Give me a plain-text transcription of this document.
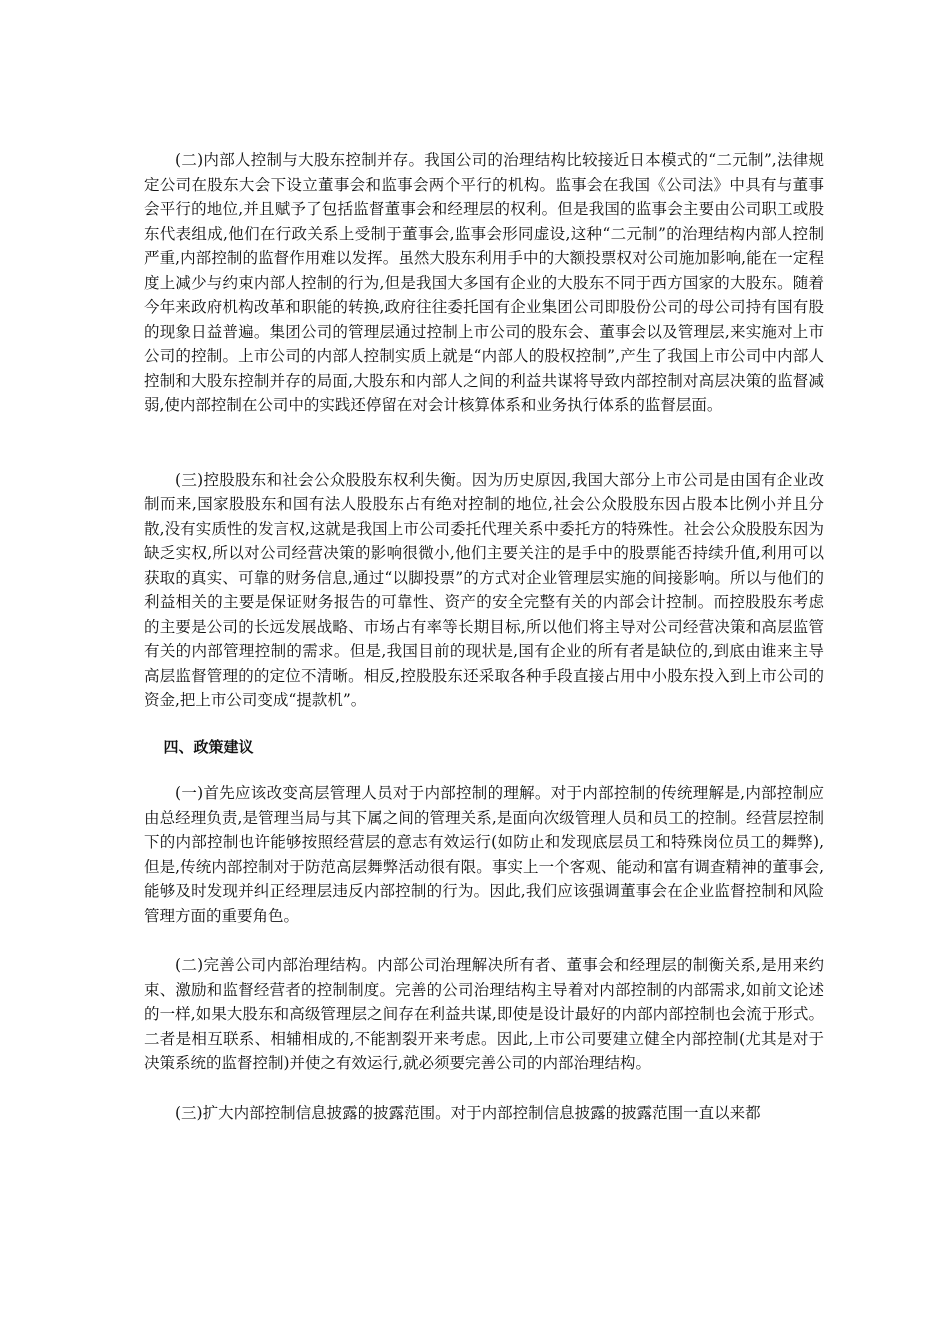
(二)内部人控制与大股东控制并存。我国公司的治理结构比较接近日本模式的“二元制”,法律规定公司在股东大会下设立董事会和监事会两个平行的机构。监事会在我国《公司法》中具有与董事会平行的地位,并且赋予了包括监督董事会和经理层的权利。但是我国的监事会主要由公司职工或股东代表组成,他们在行政关系上受制于董事会,监事会形同虚设,这种“二元制”的治理结构内部人控制严重,内部控制的监督作用难以发挥。虽然大股东利用手中的大额投票权对公司施加影响,能在一定程度上减少与约束内部人控制的行为,但是我国大多国有企业的大股东不同于西方国家的大股东。随着今年来政府机构改革和职能的转换,政府往往委托国有企业集团公司即股份公司的母公司持有国有股的现象日益普遍。集团公司的管理层通过控制上市公司的股东会、董事会以及管理层,来实施对上市公司的控制。上市公司的内部人控制实质上就是“内部人的股权控制”,产生了我国上市公司中内部人控制和大股东控制并存的局面,大股东和内部人之间的利益共谋将导致内部控制对高层决策的监督减弱,使内部控制在公司中的实践还停留在对会计核算体系和业务执行体系的监督层面。

(三)控股股东和社会公众股股东权利失衡。因为历史原因,我国大部分上市公司是由国有企业改制而来,国家股股东和国有法人股股东占有绝对控制的地位,社会公众股股东因占股本比例小并且分散,没有实质性的发言权,这就是我国上市公司委托代理关系中委托方的特殊性。社会公众股股东因为缺乏实权,所以对公司经营决策的影响很微小,他们主要关注的是手中的股票能否持续升值,利用可以获取的真实、可靠的财务信息,通过“以脚投票”的方式对企业管理层实施的间接影响。所以与他们的利益相关的主要是保证财务报告的可靠性、资产的安全完整有关的内部会计控制。而控股股东考虑的主要是公司的长远发展战略、市场占有率等长期目标,所以他们将主导对公司经营决策和高层监管有关的内部管理控制的需求。但是,我国目前的现状是,国有企业的所有者是缺位的,到底由谁来主导高层监督管理的的定位不清晰。相反,控股股东还采取各种手段直接占用中小股东投入到上市公司的资金,把上市公司变成“提款机”。

四、政策建议

(一)首先应该改变高层管理人员对于内部控制的理解。对于内部控制的传统理解是,内部控制应由总经理负责,是管理当局与其下属之间的管理关系,是面向次级管理人员和员工的控制。经营层控制下的内部控制也许能够按照经营层的意志有效运行(如防止和发现底层员工和特殊岗位员工的舞弊),但是,传统内部控制对于防范高层舞弊活动很有限。事实上一个客观、能动和富有调查精神的董事会,能够及时发现并纠正经理层违反内部控制的行为。因此,我们应该强调董事会在企业监督控制和风险管理方面的重要角色。

(二)完善公司内部治理结构。内部公司治理解决所有者、董事会和经理层的制衡关系,是用来约束、激励和监督经营者的控制制度。完善的公司治理结构主导着对内部控制的内部需求,如前文论述的一样,如果大股东和高级管理层之间存在利益共谋,即使是设计最好的内部内部控制也会流于形式。二者是相互联系、相辅相成的,不能割裂开来考虑。因此,上市公司要建立健全内部控制(尤其是对于决策系统的监督控制)并使之有效运行,就必须要完善公司的内部治理结构。

(三)扩大内部控制信息披露的披露范围。对于内部控制信息披露的披露范围一直以来都
